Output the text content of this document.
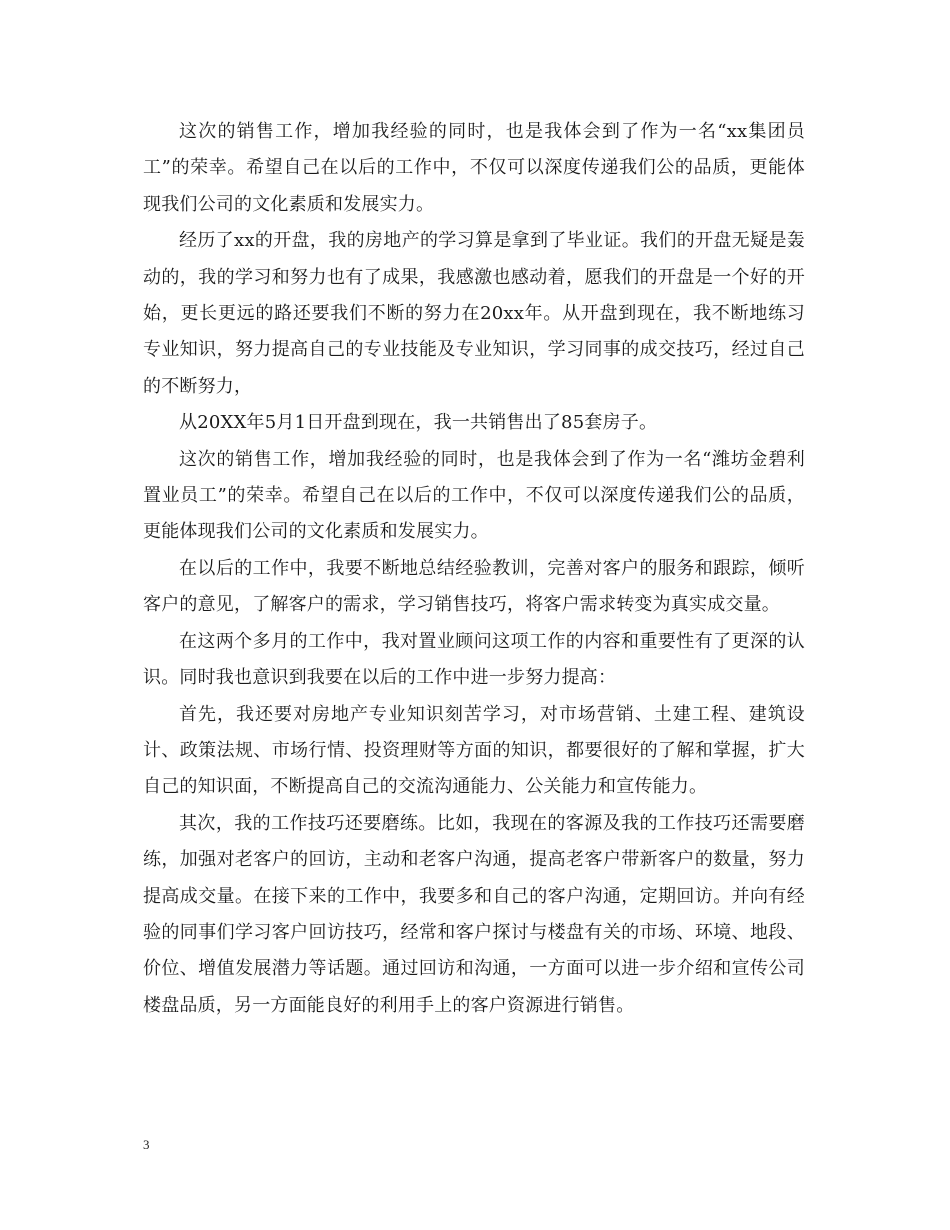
这次的销售工作，增加我经验的同时，也是我体会到了作为一名“xx集团员工”的荣幸。希望自己在以后的工作中，不仅可以深度传递我们公的品质，更能体现我们公司的文化素质和发展实力。

经历了xx的开盘，我的房地产的学习算是拿到了毕业证。我们的开盘无疑是轰动的，我的学习和努力也有了成果，我感激也感动着，愿我们的开盘是一个好的开始，更长更远的路还要我们不断的努力在20xx年。从开盘到现在，我不断地练习专业知识，努力提高自己的专业技能及专业知识，学习同事的成交技巧，经过自己的不断努力，

从20XX年5月1日开盘到现在，我一共销售出了85套房子。

这次的销售工作，增加我经验的同时，也是我体会到了作为一名“潍坊金碧利置业员工”的荣幸。希望自己在以后的工作中，不仅可以深度传递我们公的品质，更能体现我们公司的文化素质和发展实力。

在以后的工作中，我要不断地总结经验教训，完善对客户的服务和跟踪，倾听客户的意见，了解客户的需求，学习销售技巧，将客户需求转变为真实成交量。

在这两个多月的工作中，我对置业顾问这项工作的内容和重要性有了更深的认识。同时我也意识到我要在以后的工作中进一步努力提高：

首先，我还要对房地产专业知识刻苦学习，对市场营销、土建工程、建筑设计、政策法规、市场行情、投资理财等方面的知识，都要很好的了解和掌握，扩大自己的知识面，不断提高自己的交流沟通能力、公关能力和宣传能力。

其次，我的工作技巧还要磨练。比如，我现在的客源及我的工作技巧还需要磨练，加强对老客户的回访，主动和老客户沟通，提高老客户带新客户的数量，努力提高成交量。在接下来的工作中，我要多和自己的客户沟通，定期回访。并向有经验的同事们学习客户回访技巧，经常和客户探讨与楼盘有关的市场、环境、地段、价位、增值发展潜力等话题。通过回访和沟通，一方面可以进一步介绍和宣传公司楼盘品质，另一方面能良好的利用手上的客户资源进行销售。

3
